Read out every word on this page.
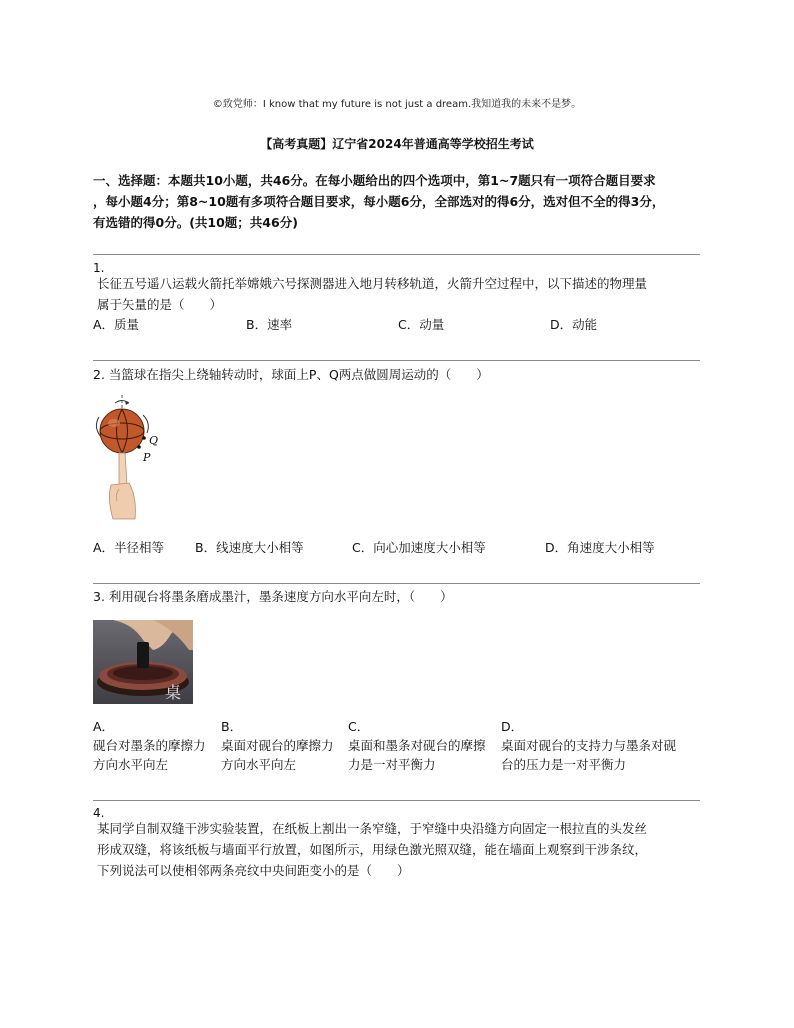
©致党师：I know that my future is not just a dream.我知道我的未来不是梦。
【高考真题】辽宁省2024年普通高等学校招生考试
一、选择题：本题共10小题，共46分。在每小题给出的四个选项中，第1~7题只有一项符合题目要求
，每小题4分；第8~10题有多项符合题目要求，每小题6分，全部选对的得6分，选对但不全的得3分，
有选错的得0分。(共10题；共46分)
1.
长征五号遥八运载火箭托举嫦娥六号探测器进入地月转移轨道，火箭升空过程中，以下描述的物理量
属于矢量的是（　　）
A．质量	B．速率	C．动量	D．动能
2. 当篮球在指尖上绕轴转动时，球面上P、Q两点做圆周运动的（　　）
Q
P
A．半径相等 B．线速度大小相等	C．向心加速度大小相等	D．角速度大小相等
3. 利用砚台将墨条磨成墨汁，墨条速度方向水平向左时，（　　）
桌
A．
砚台对墨条的摩擦力
方向水平向左
B．
桌面对砚台的摩擦力
方向水平向左
C．
桌面和墨条对砚台的摩擦
力是一对平衡力
D．
桌面对砚台的支持力与墨条对砚
台的压力是一对平衡力
4.
某同学自制双缝干涉实验装置，在纸板上割出一条窄缝，于窄缝中央沿缝方向固定一根拉直的头发丝
形成双缝，将该纸板与墙面平行放置，如图所示，用绿色激光照双缝，能在墙面上观察到干涉条纹，
下列说法可以使相邻两条亮纹中央间距变小的是（　　）
